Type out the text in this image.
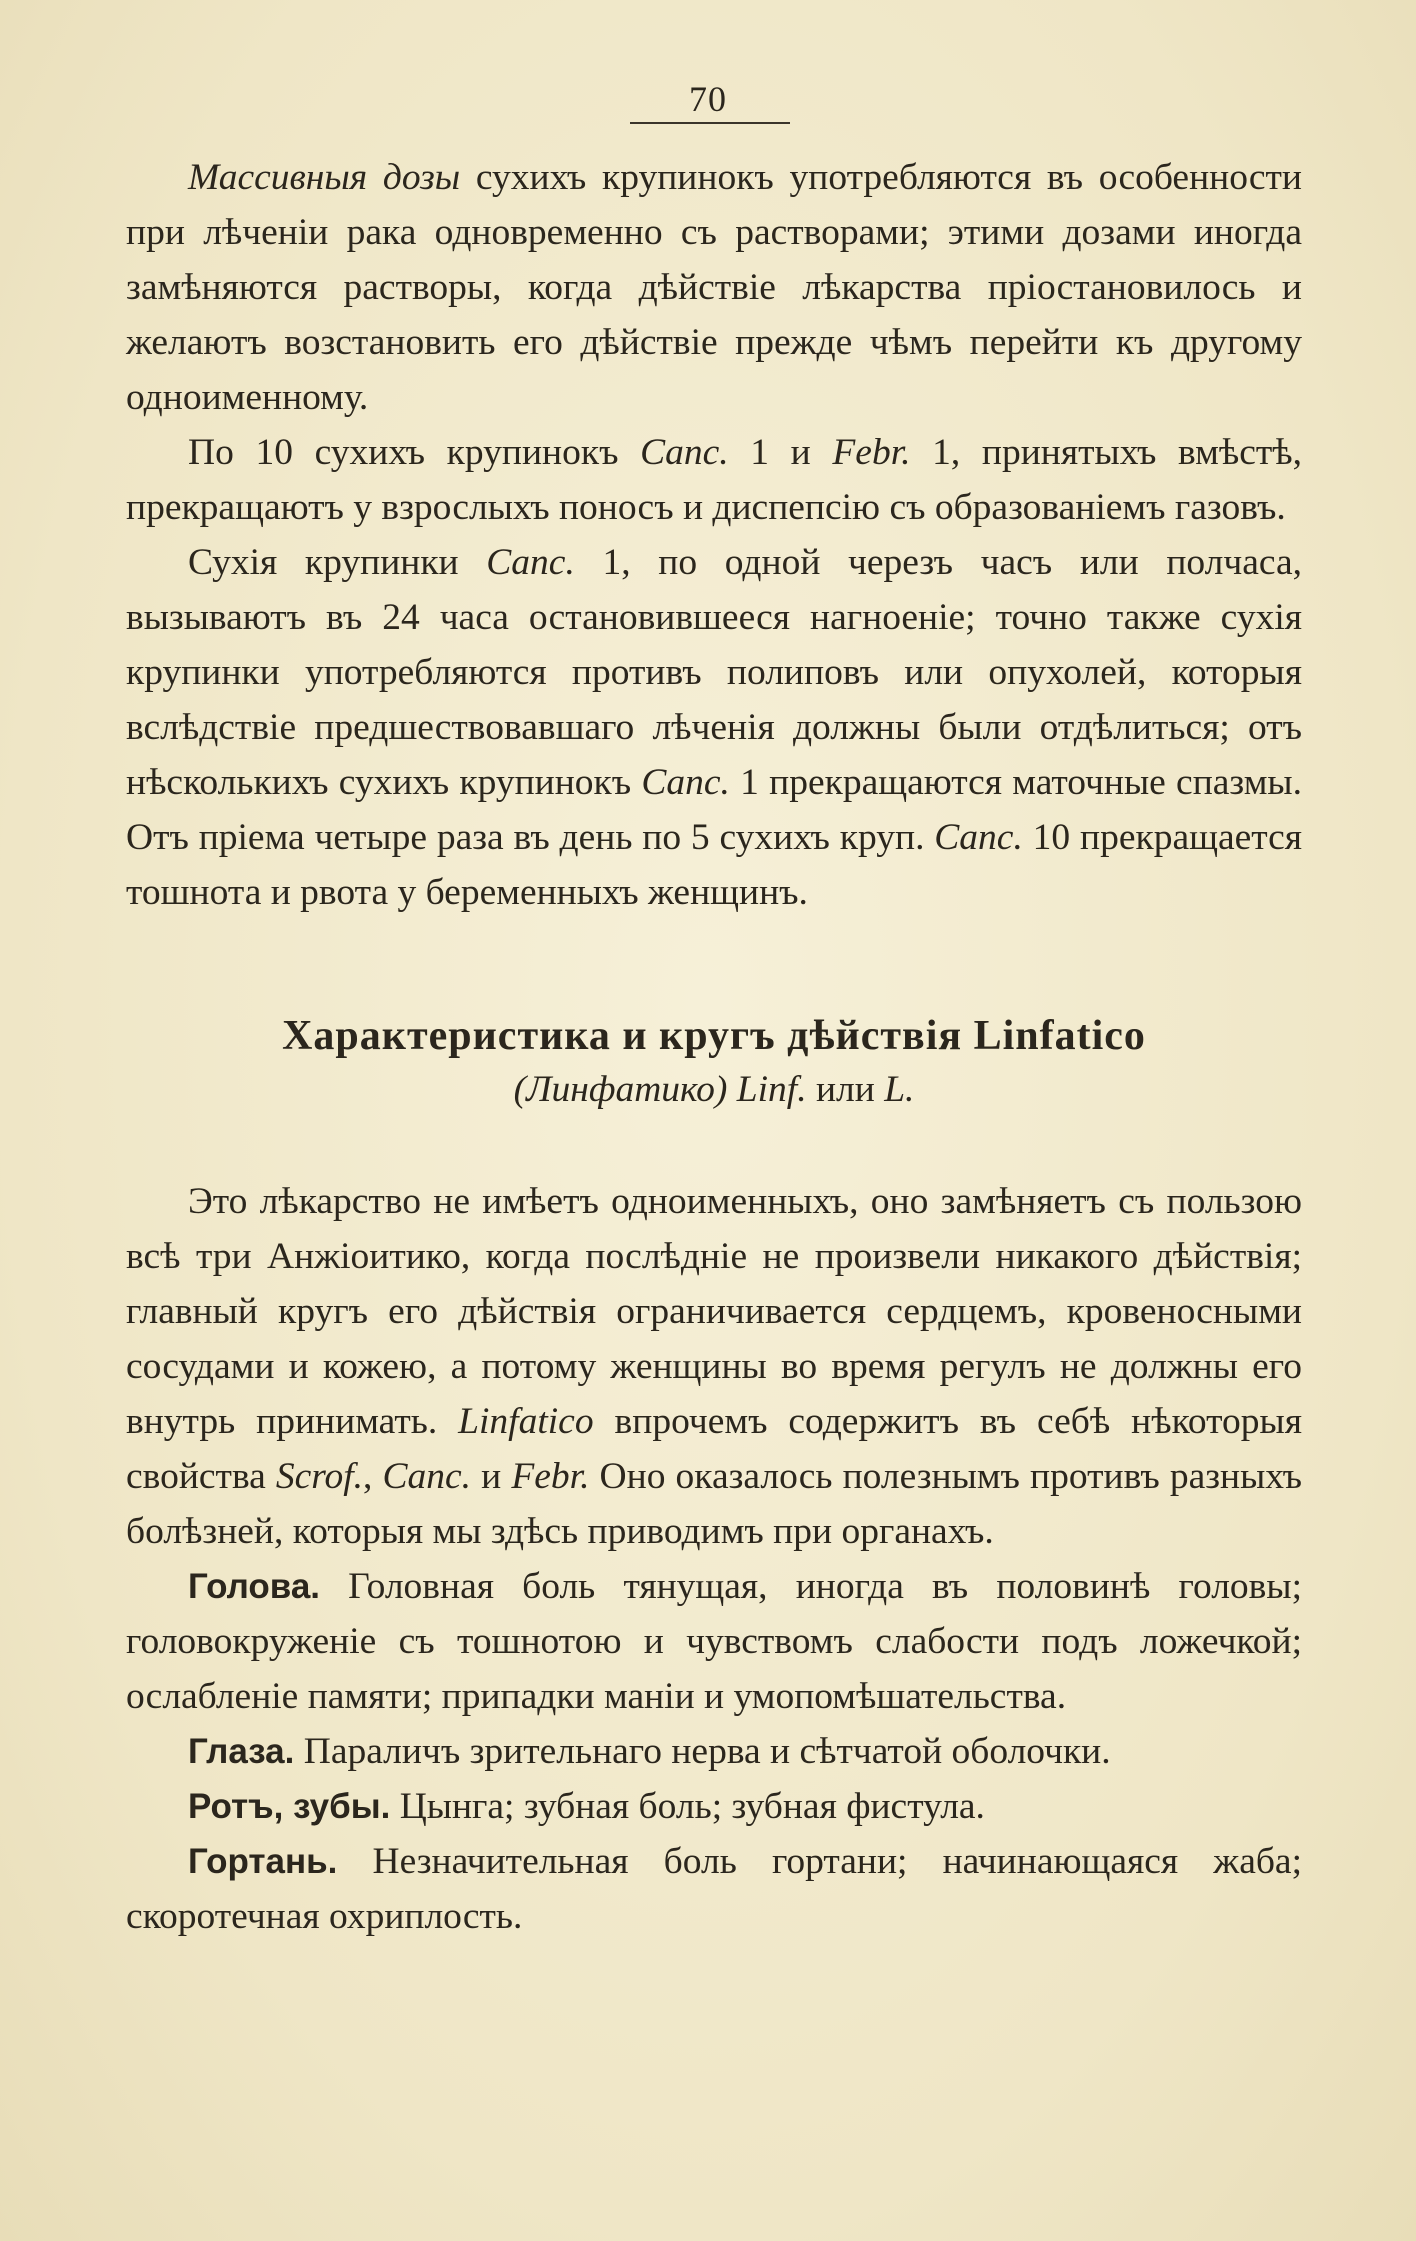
70

Массивныя дозы сухихъ крупинокъ употребляются въ особенности при лѣченіи рака одновременно съ растворами; этими дозами иногда замѣняются растворы, когда дѣйствіе лѣкарства пріостановилось и желаютъ возстановить его дѣйствіе прежде чѣмъ перейти къ другому одноименному.

По 10 сухихъ крупинокъ Canc. 1 и Febr. 1, принятыхъ вмѣстѣ, прекращаютъ у взрослыхъ поносъ и диспепсію съ образованіемъ газовъ.

Сухія крупинки Canc. 1, по одной черезъ часъ или полчаса, вызываютъ въ 24 часа остановившееся нагноеніе; точно также сухія крупинки употребляются противъ полиповъ или опухолей, которыя вслѣдствіе предшествовавшаго лѣченія должны были отдѣлиться; отъ нѣсколькихъ сухихъ крупинокъ Canc. 1 прекращаются маточные спазмы. Отъ пріема четыре раза въ день по 5 сухихъ круп. Canc. 10 прекращается тошнота и рвота у беременныхъ женщинъ.

Характеристика и кругъ дѣйствія Linfatico
(Линфатико) Linf. или L.

Это лѣкарство не имѣетъ одноименныхъ, оно замѣняетъ съ пользою всѣ три Анжіоитико, когда послѣдніе не произвели никакого дѣйствія; главный кругъ его дѣйствія ограничивается сердцемъ, кровеносными сосудами и кожею, а потому женщины во время регулъ не должны его внутрь принимать. Linfatico впрочемъ содержитъ въ себѣ нѣкоторыя свойства Scrof., Canc. и Febr. Оно оказалось полезнымъ противъ разныхъ болѣзней, которыя мы здѣсь приводимъ при органахъ.

Голова. Головная боль тянущая, иногда въ половинѣ головы; головокруженіе съ тошнотою и чувствомъ слабости подъ ложечкой; ослабленіе памяти; припадки маніи и умопомѣшательства.

Глаза. Параличъ зрительнаго нерва и сѣтчатой оболочки.

Ротъ, зубы. Цынга; зубная боль; зубная фистула.

Гортань. Незначительная боль гортани; начинающаяся жаба; скоротечная охриплость.
